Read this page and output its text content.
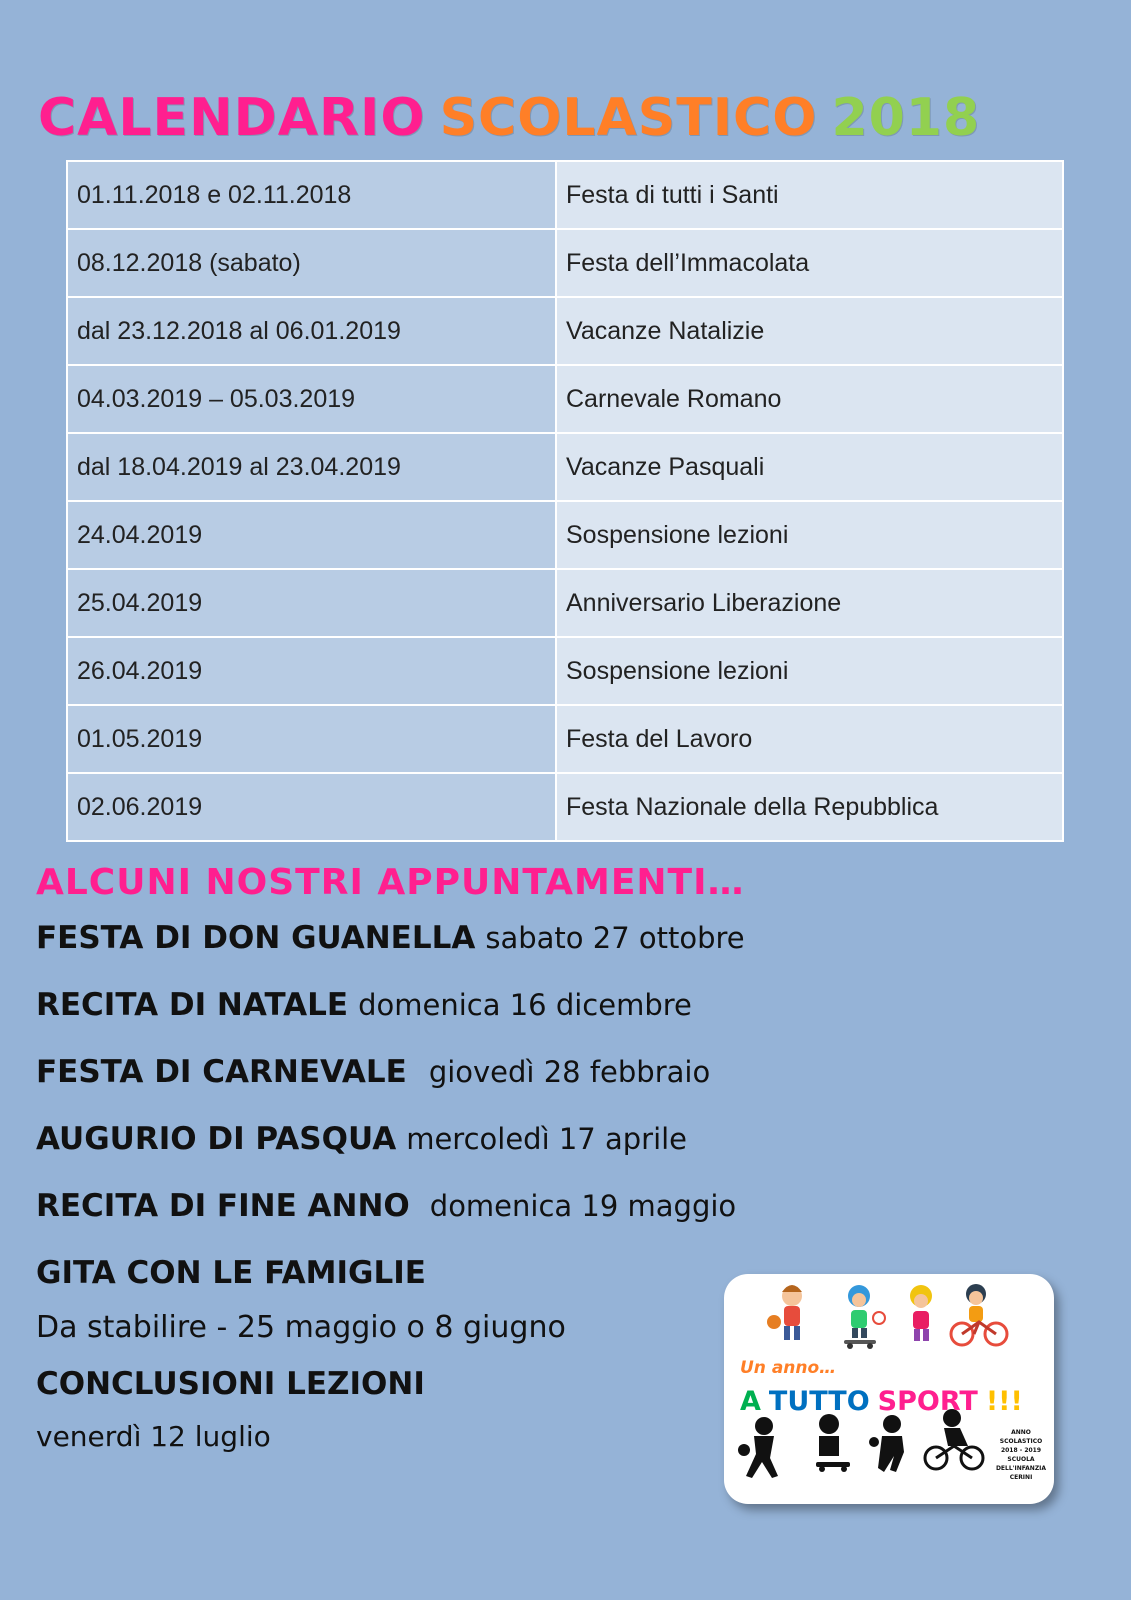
CALENDARIO SCOLASTICO 2018
01.11.2018 e 02.11.2018	Festa di tutti i Santi
08.12.2018 (sabato)	Festa dell’Immacolata
dal 23.12.2018 al 06.01.2019	Vacanze Natalizie
04.03.2019 – 05.03.2019	Carnevale Romano
dal 18.04.2019 al 23.04.2019	Vacanze Pasquali
24.04.2019	Sospensione lezioni
25.04.2019	Anniversario Liberazione
26.04.2019	Sospensione lezioni
01.05.2019	Festa del Lavoro
02.06.2019	Festa Nazionale della Repubblica
ALCUNI NOSTRI APPUNTAMENTI…
FESTA DI DON GUANELLA sabato 27 ottobre
RECITA DI NATALE domenica 16 dicembre
FESTA DI CARNEVALE giovedì 28 febbraio
AUGURIO DI PASQUA mercoledì 17 aprile
RECITA DI FINE ANNO domenica 19 maggio
GITA CON LE FAMIGLIE
Da stabilire - 25 maggio o 8 giugno
CONCLUSIONI LEZIONI
venerdì 12 luglio
Un anno…
A TUTTO SPORT !!!
ANNO
SCOLASTICO
2018 - 2019
SCUOLA
DELL'INFANZIA
CERINI
